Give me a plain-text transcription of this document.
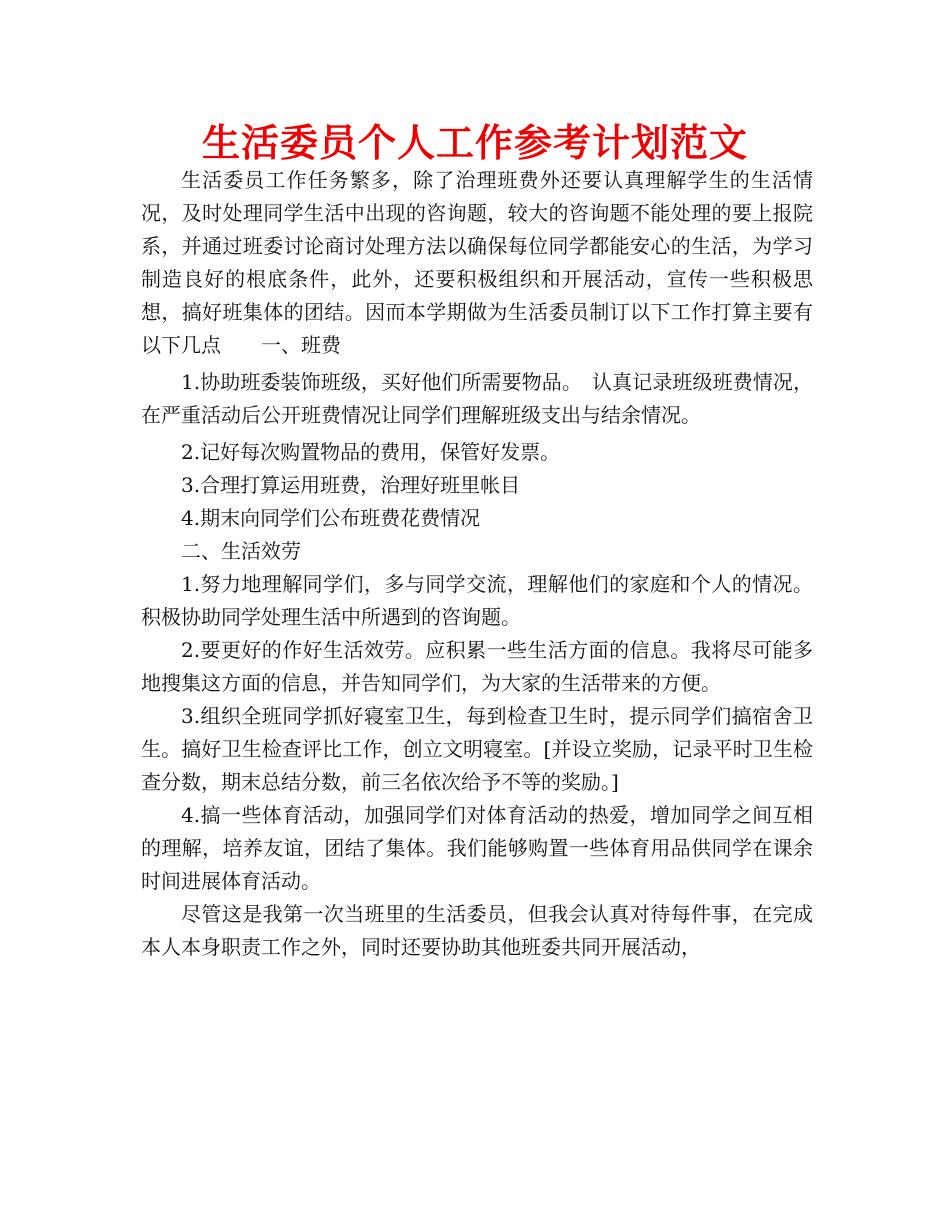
生活委员个人工作参考计划范文

生活委员工作任务繁多，除了治理班费外还要认真理解学生的生活情况，及时处理同学生活中出现的咨询题，较大的咨询题不能处理的要上报院系，并通过班委讨论商讨处理方法以确保每位同学都能安心的生活，为学习制造良好的根底条件，此外，还要积极组织和开展活动，宣传一些积极思想，搞好班集体的团结。因而本学期做为生活委员制订以下工作打算主要有以下几点　　一、班费

1.协助班委装饰班级，买好他们所需要物品。　认真记录班级班费情况，在严重活动后公开班费情况让同学们理解班级支出与结余情况。

2.记好每次购置物品的费用，保管好发票。

3.合理打算运用班费，治理好班里帐目

4.期末向同学们公布班费花费情况

二、生活效劳

1.努力地理解同学们，多与同学交流，理解他们的家庭和个人的情况。积极协助同学处理生活中所遇到的咨询题。

2.要更好的作好生活效劳。应积累一些生活方面的信息。我将尽可能多地搜集这方面的信息，并告知同学们，为大家的生活带来的方便。

3.组织全班同学抓好寝室卫生，每到检查卫生时，提示同学们搞宿舍卫生。搞好卫生检查评比工作，创立文明寝室。[并设立奖励，记录平时卫生检查分数，期末总结分数，前三名依次给予不等的奖励。]

4.搞一些体育活动，加强同学们对体育活动的热爱，增加同学之间互相的理解，培养友谊，团结了集体。我们能够购置一些体育用品供同学在课余时间进展体育活动。

尽管这是我第一次当班里的生活委员，但我会认真对待每件事，在完成本人本身职责工作之外，同时还要协助其他班委共同开展活动，
